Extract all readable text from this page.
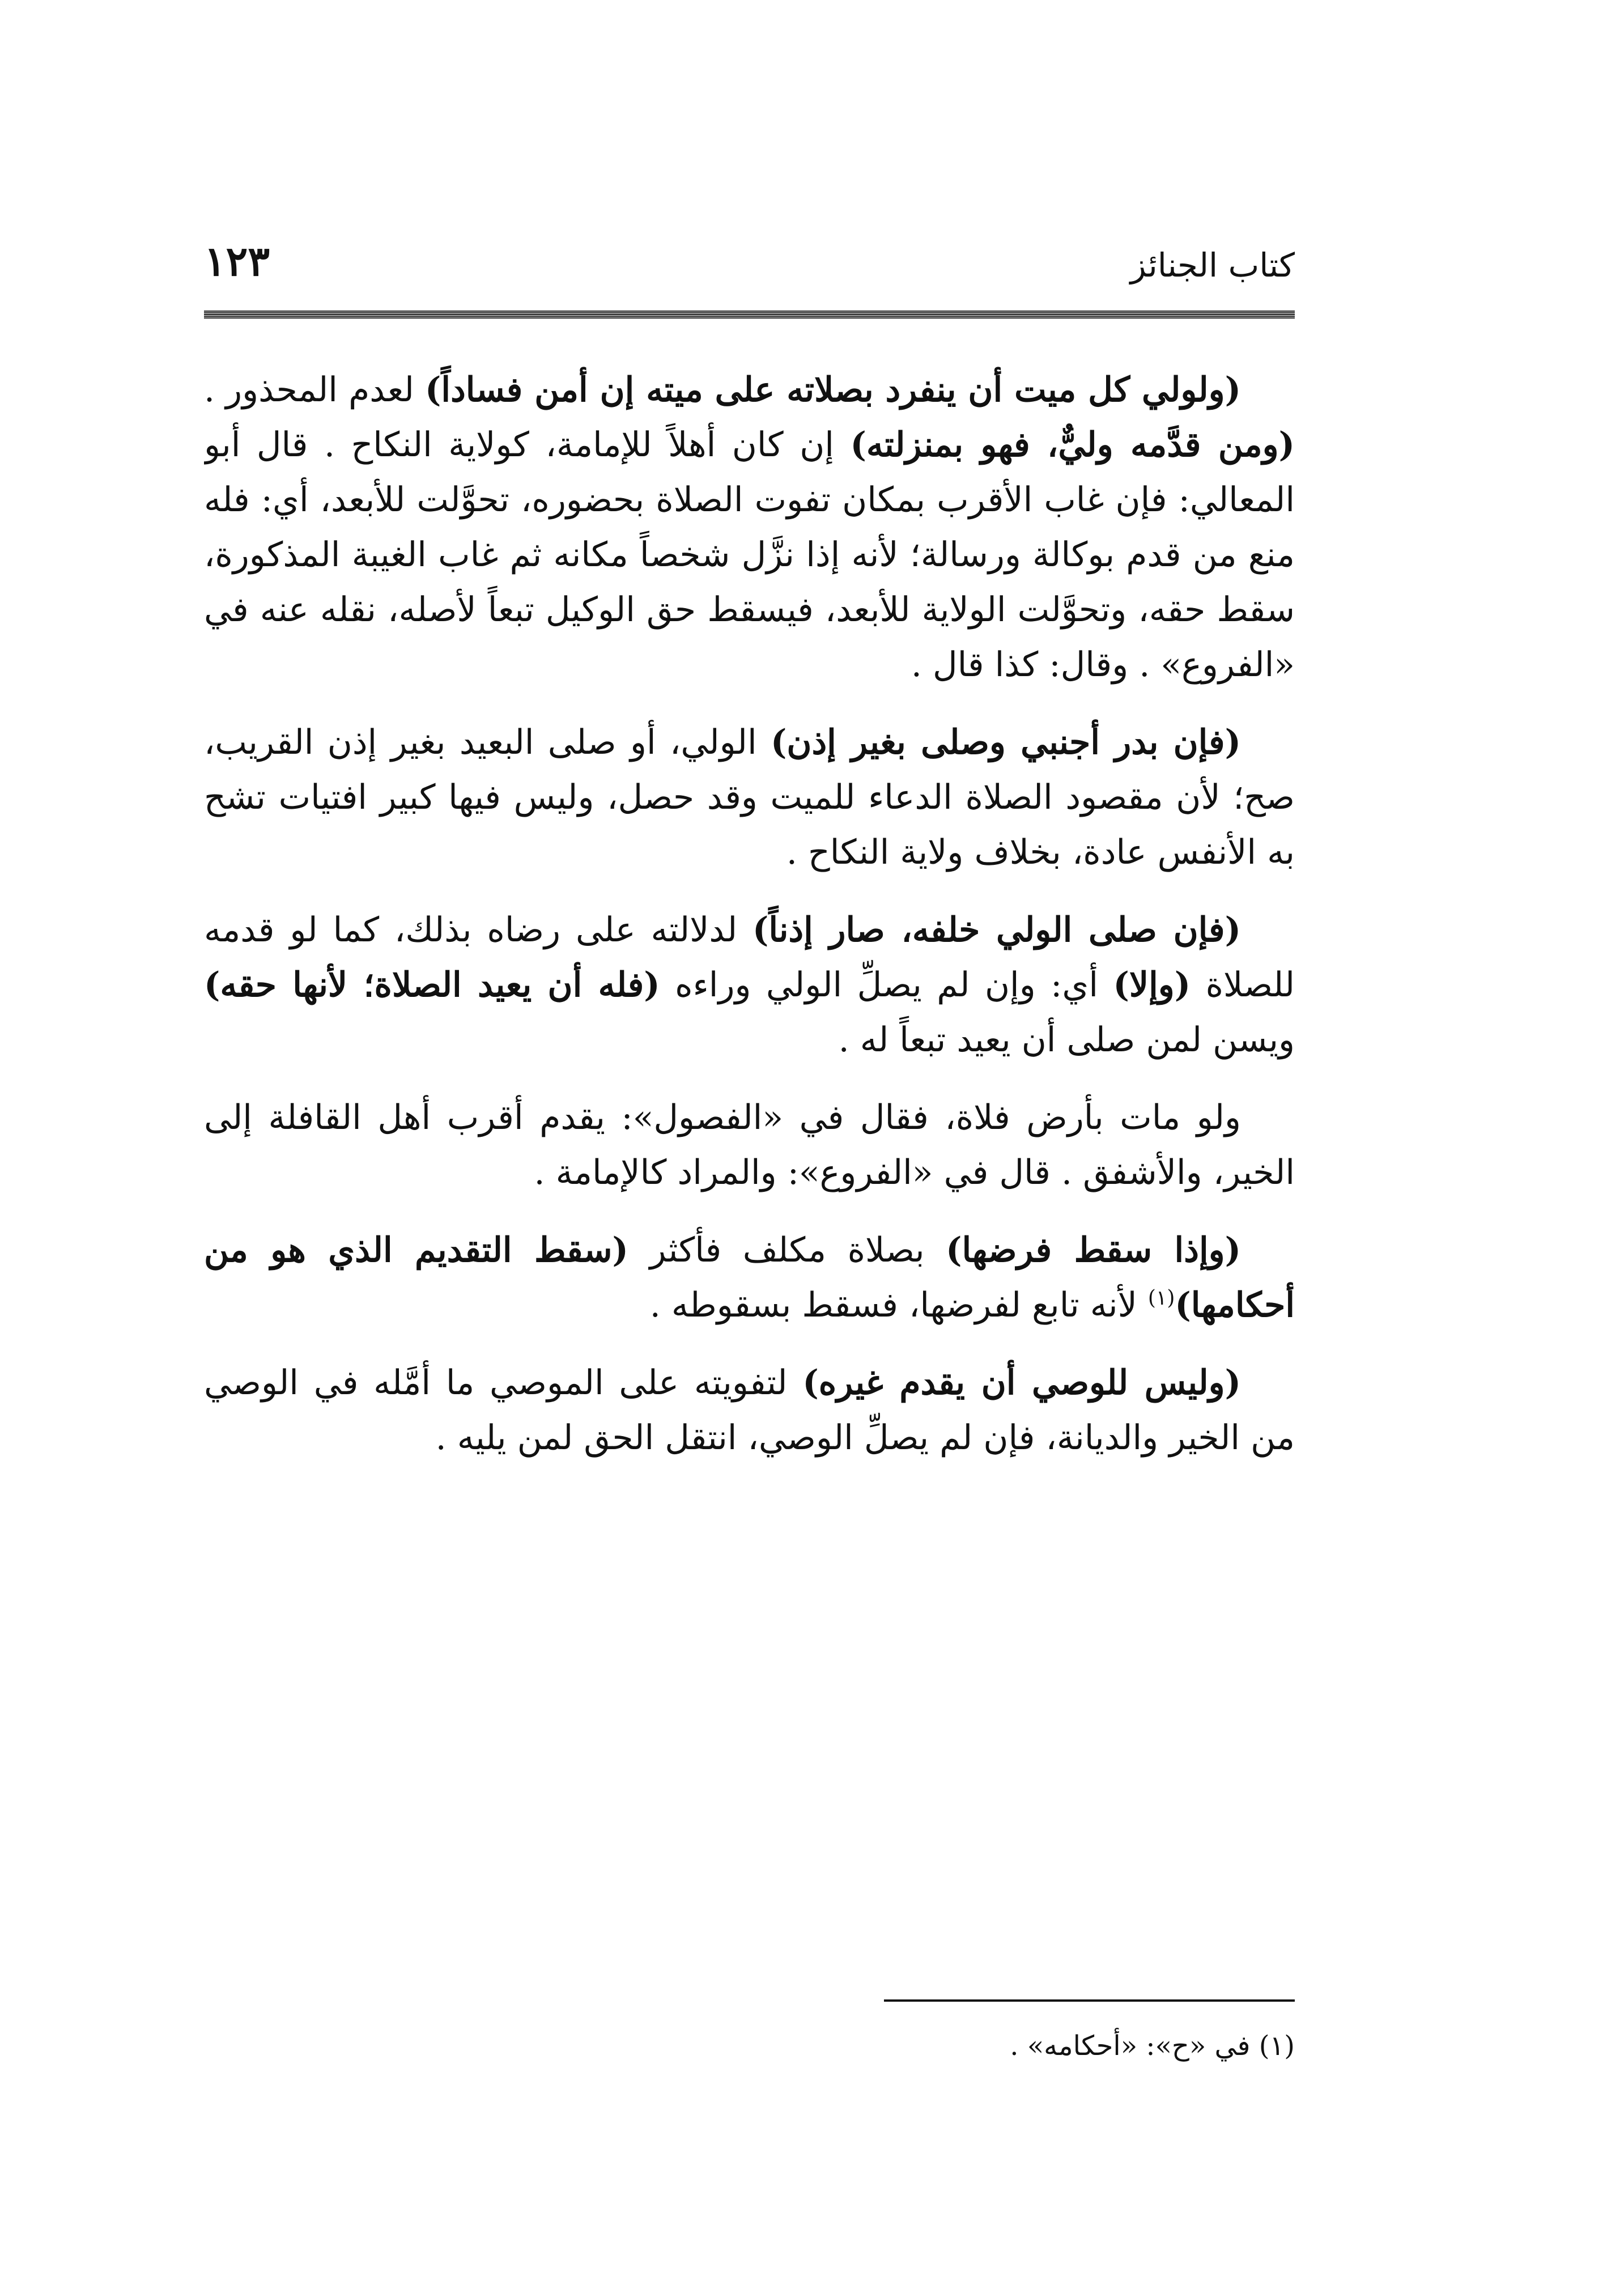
كتاب الجنائز
١٢٣

(ولولي كل ميت أن ينفرد بصلاته على ميته إن أمن فساداً) لعدم المحذور . (ومن قدَّمه وليٌّ، فهو بمنزلته) إن كان أهلاً للإمامة، كولاية النكاح . قال أبو المعالي: فإن غاب الأقرب بمكان تفوت الصلاة بحضوره، تحوَّلت للأبعد، أي: فله منع من قدم بوكالة ورسالة؛ لأنه إذا نزَّل شخصاً مكانه ثم غاب الغيبة المذكورة، سقط حقه، وتحوَّلت الولاية للأبعد، فيسقط حق الوكيل تبعاً لأصله، نقله عنه في «الفروع» . وقال: كذا قال .

(فإن بدر أجنبي وصلى بغير إذن) الولي، أو صلى البعيد بغير إذن القريب، صح؛ لأن مقصود الصلاة الدعاء للميت وقد حصل، وليس فيها كبير افتيات تشح به الأنفس عادة، بخلاف ولاية النكاح .

(فإن صلى الولي خلفه، صار إذناً) لدلالته على رضاه بذلك، كما لو قدمه للصلاة (وإلا) أي: وإن لم يصلِّ الولي وراءه (فله أن يعيد الصلاة؛ لأنها حقه) ويسن لمن صلى أن يعيد تبعاً له .

ولو مات بأرض فلاة، فقال في «الفصول»: يقدم أقرب أهل القافلة إلى الخير، والأشفق . قال في «الفروع»: والمراد كالإمامة .

(وإذا سقط فرضها) بصلاة مكلف فأكثر (سقط التقديم الذي هو من أحكامها)$^{(١)}$ لأنه تابع لفرضها، فسقط بسقوطه .

(وليس للوصي أن يقدم غيره) لتفويته على الموصي ما أمَّله في الوصي من الخير والديانة، فإن لم يصلِّ الوصي، انتقل الحق لمن يليه .

(١) في «ح»: «أحكامه» .
